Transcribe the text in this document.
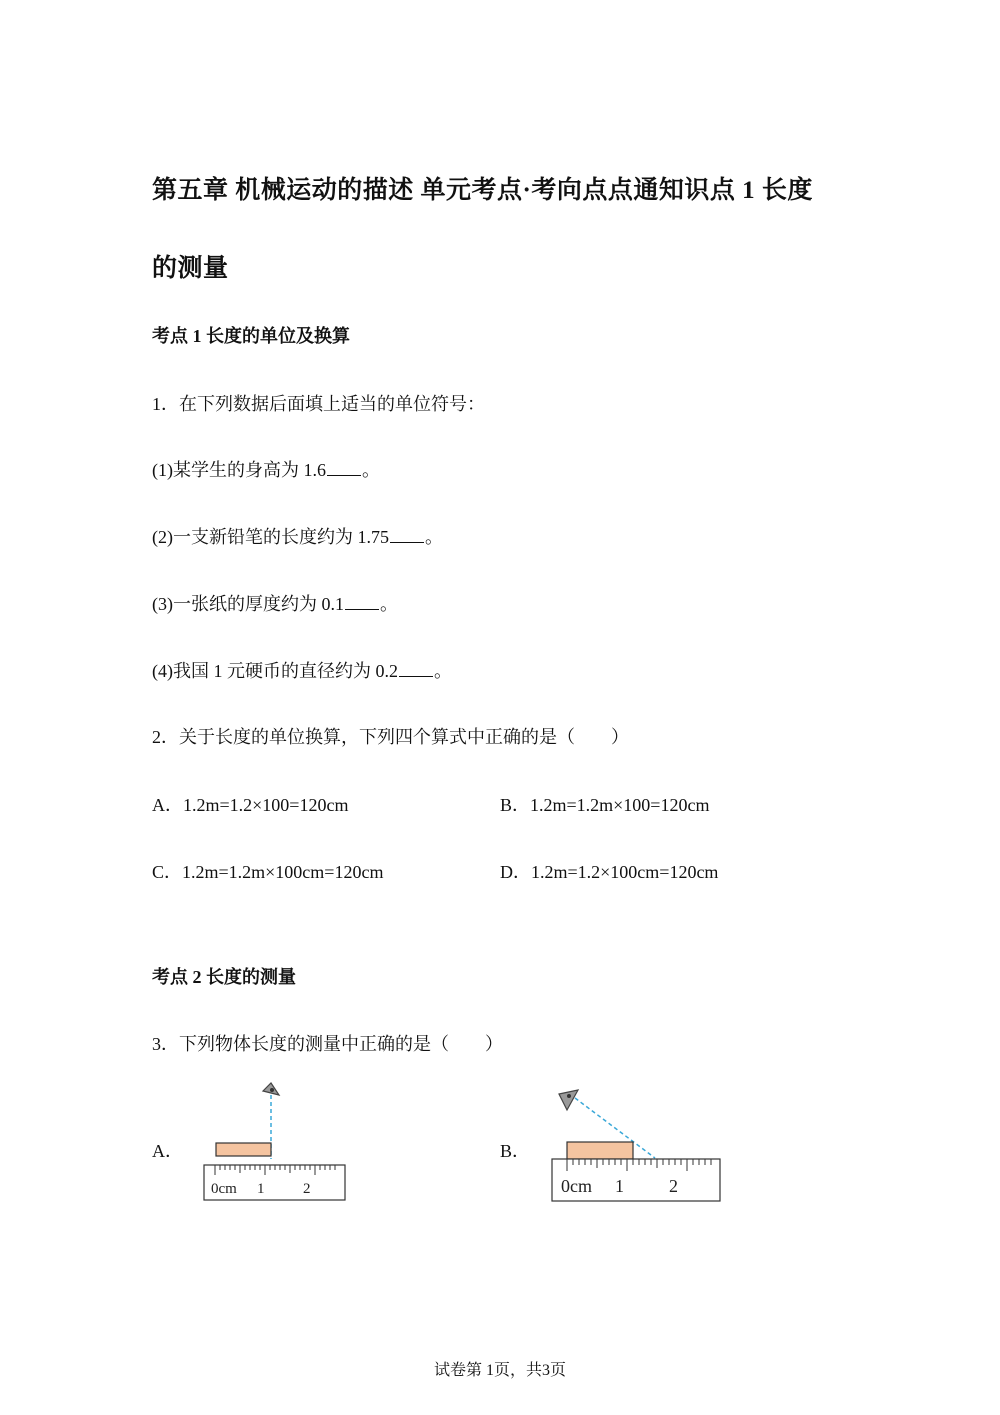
第五章 机械运动的描述 单元考点·考向点点通知识点 1 长度
的测量
考点 1 长度的单位及换算
1．在下列数据后面填上适当的单位符号：
(1)某学生的身高为 1.6 。
(2)一支新铅笔的长度约为 1.75 。
(3)一张纸的厚度约为 0.1 。
(4)我国 1 元硬币的直径约为 0.2 。
2．关于长度的单位换算，下列四个算式中正确的是（　　）
A．1.2m=1.2×100=120cm	B．1.2m=1.2m×100=120cm
C．1.2m=1.2m×100cm=120cm	D．1.2m=1.2×100cm=120cm
考点 2 长度的测量
3．下列物体长度的测量中正确的是（　　）
A．	B．
0cm 1	2	0cm 1	2
试卷第 1页，共3页
